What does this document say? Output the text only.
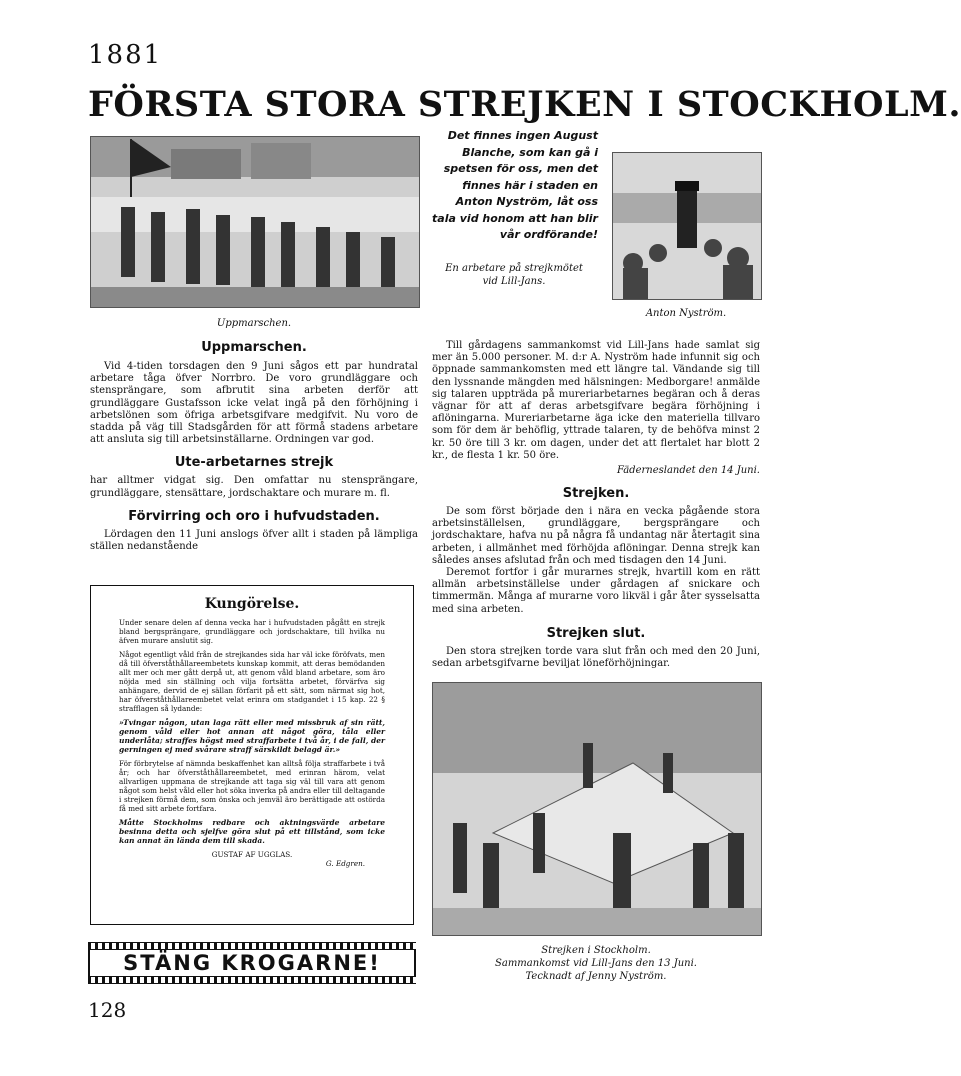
1881
FÖRSTA STORA STREJKEN I STOCKHOLM.
Uppmarschen.
Det finnes ingen August Blanche, som kan gå i spetsen för oss, men det finnes här i staden en Anton Nyström, låt oss tala vid honom att han blir vår ordförande!
En arbetare på strejkmötet
vid Lill-Jans.
Anton Nyström.
Uppmarschen.
Vid 4-tiden torsdagen den 9 Juni sågos ett par hundratal arbetare tåga öfver Norrbro. De voro grundläggare och stensprängare, som afbrutit sina arbeten derför att grundläggare Gustafsson icke velat ingå på den förhöjning i arbetslönen som öfriga arbetsgifvare medgifvit. Nu voro de stadda på väg till Stadsgården för att förmå stadens arbetare att ansluta sig till arbetsinställarne. Ordningen var god.
Ute-arbetarnes strejk
har alltmer vidgat sig. Den omfattar nu stensprängare, grundläggare, stensättare, jordschaktare och murare m. fl.
Förvirring och oro i hufvudstaden.
Lördagen den 11 Juni anslogs öfver allt i staden på lämpliga ställen nedanstående
Kungörelse.

Under senare delen af denna vecka har i hufvudstaden pågått en strejk bland bergsprängare, grundläggare och jordschaktare, till hvilka nu äfven murare anslutit sig.

Något egentligt våld från de strejkandes sida har väl icke föröfvats, men då till öfverståthållareembetets kunskap kommit, att deras bemödanden allt mer och mer gått derpå ut, att genom våld bland arbetare, som äro nöjda med sin ställning och vilja fortsätta arbetet, förvärfva sig anhängare, dervid de ej sällan förfarit på ett sätt, som närmat sig hot, har öfverståthållareembetet velat erinra om stadgandet i 15 kap. 22 § strafflagen så lydande:

»Tvingar någon, utan laga rätt eller med missbruk af sin rätt, genom våld eller hot annan att något göra, tåla eller underlåta; straffes högst med straffarbete i två år, i de fall, der gerningen ej med svårare straff särskildt belagd är.»

För förbrytelse af nämnda beskaffenhet kan alltså följa straffarbete i två år; och har öfverståthållareembetet, med erinran härom, velat allvarligen uppmana de strejkande att taga sig väl till vara att genom något som helst våld eller hot söka inverka på andra eller till deltagande i strejken förmå dem, som önska och jemväl äro berättigade att ostörda få med sitt arbete fortfara.

Måtte Stockholms redbare och aktningsvärde arbetare besinna detta och sjelfve göra slut på ett tillstånd, som icke kan annat än lända dem till skada.

GUSTAF AF UGGLAS.
G. Edgren.
STÄNG KROGARNE!
128
Till gårdagens sammankomst vid Lill-Jans hade samlat sig mer än 5.000 personer. M. d:r A. Nyström hade infunnit sig och öppnade sammankomsten med ett längre tal. Vändande sig till den lyssnande mängden med hälsningen: Medborgare! anmälde sig talaren uppträda på mureriarbetarnes begäran och å deras vägnar för att af deras arbetsgifvare begära förhöjning i aflöningarna. Mureriarbetarne äga icke den materiella tillvaro som för dem är behöflig, yttrade talaren, ty de behöfva minst 2 kr. 50 öre till 3 kr. om dagen, under det att flertalet har blott 2 kr., de flesta 1 kr. 50 öre.
Fäderneslandet den 14 Juni.
Strejken.
De som först började den i nära en vecka pågående stora arbetsinställelsen, grundläggare, bergsprängare och jordschaktare, hafva nu på några få undantag när återtagit sina arbeten, i allmänhet med förhöjda aflöningar. Denna strejk kan således anses afslutad från och med tisdagen den 14 Juni.
Deremot fortfor i går murarnes strejk, hvartill kom en rätt allmän arbetsinställelse under gårdagen af snickare och timmermän. Många af murarne voro likväl i går åter sysselsatta med sina arbeten.
Strejken slut.
Den stora strejken torde vara slut från och med den 20 Juni, sedan arbetsgifvarne beviljat löneförhöjningar.
Strejken i Stockholm.
Sammankomst vid Lill-Jans den 13 Juni.
Tecknadt af Jenny Nyström.
